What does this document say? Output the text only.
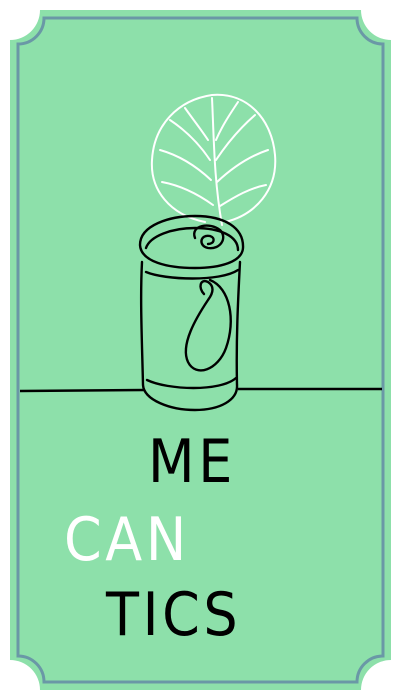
ME
CAN
TICS
